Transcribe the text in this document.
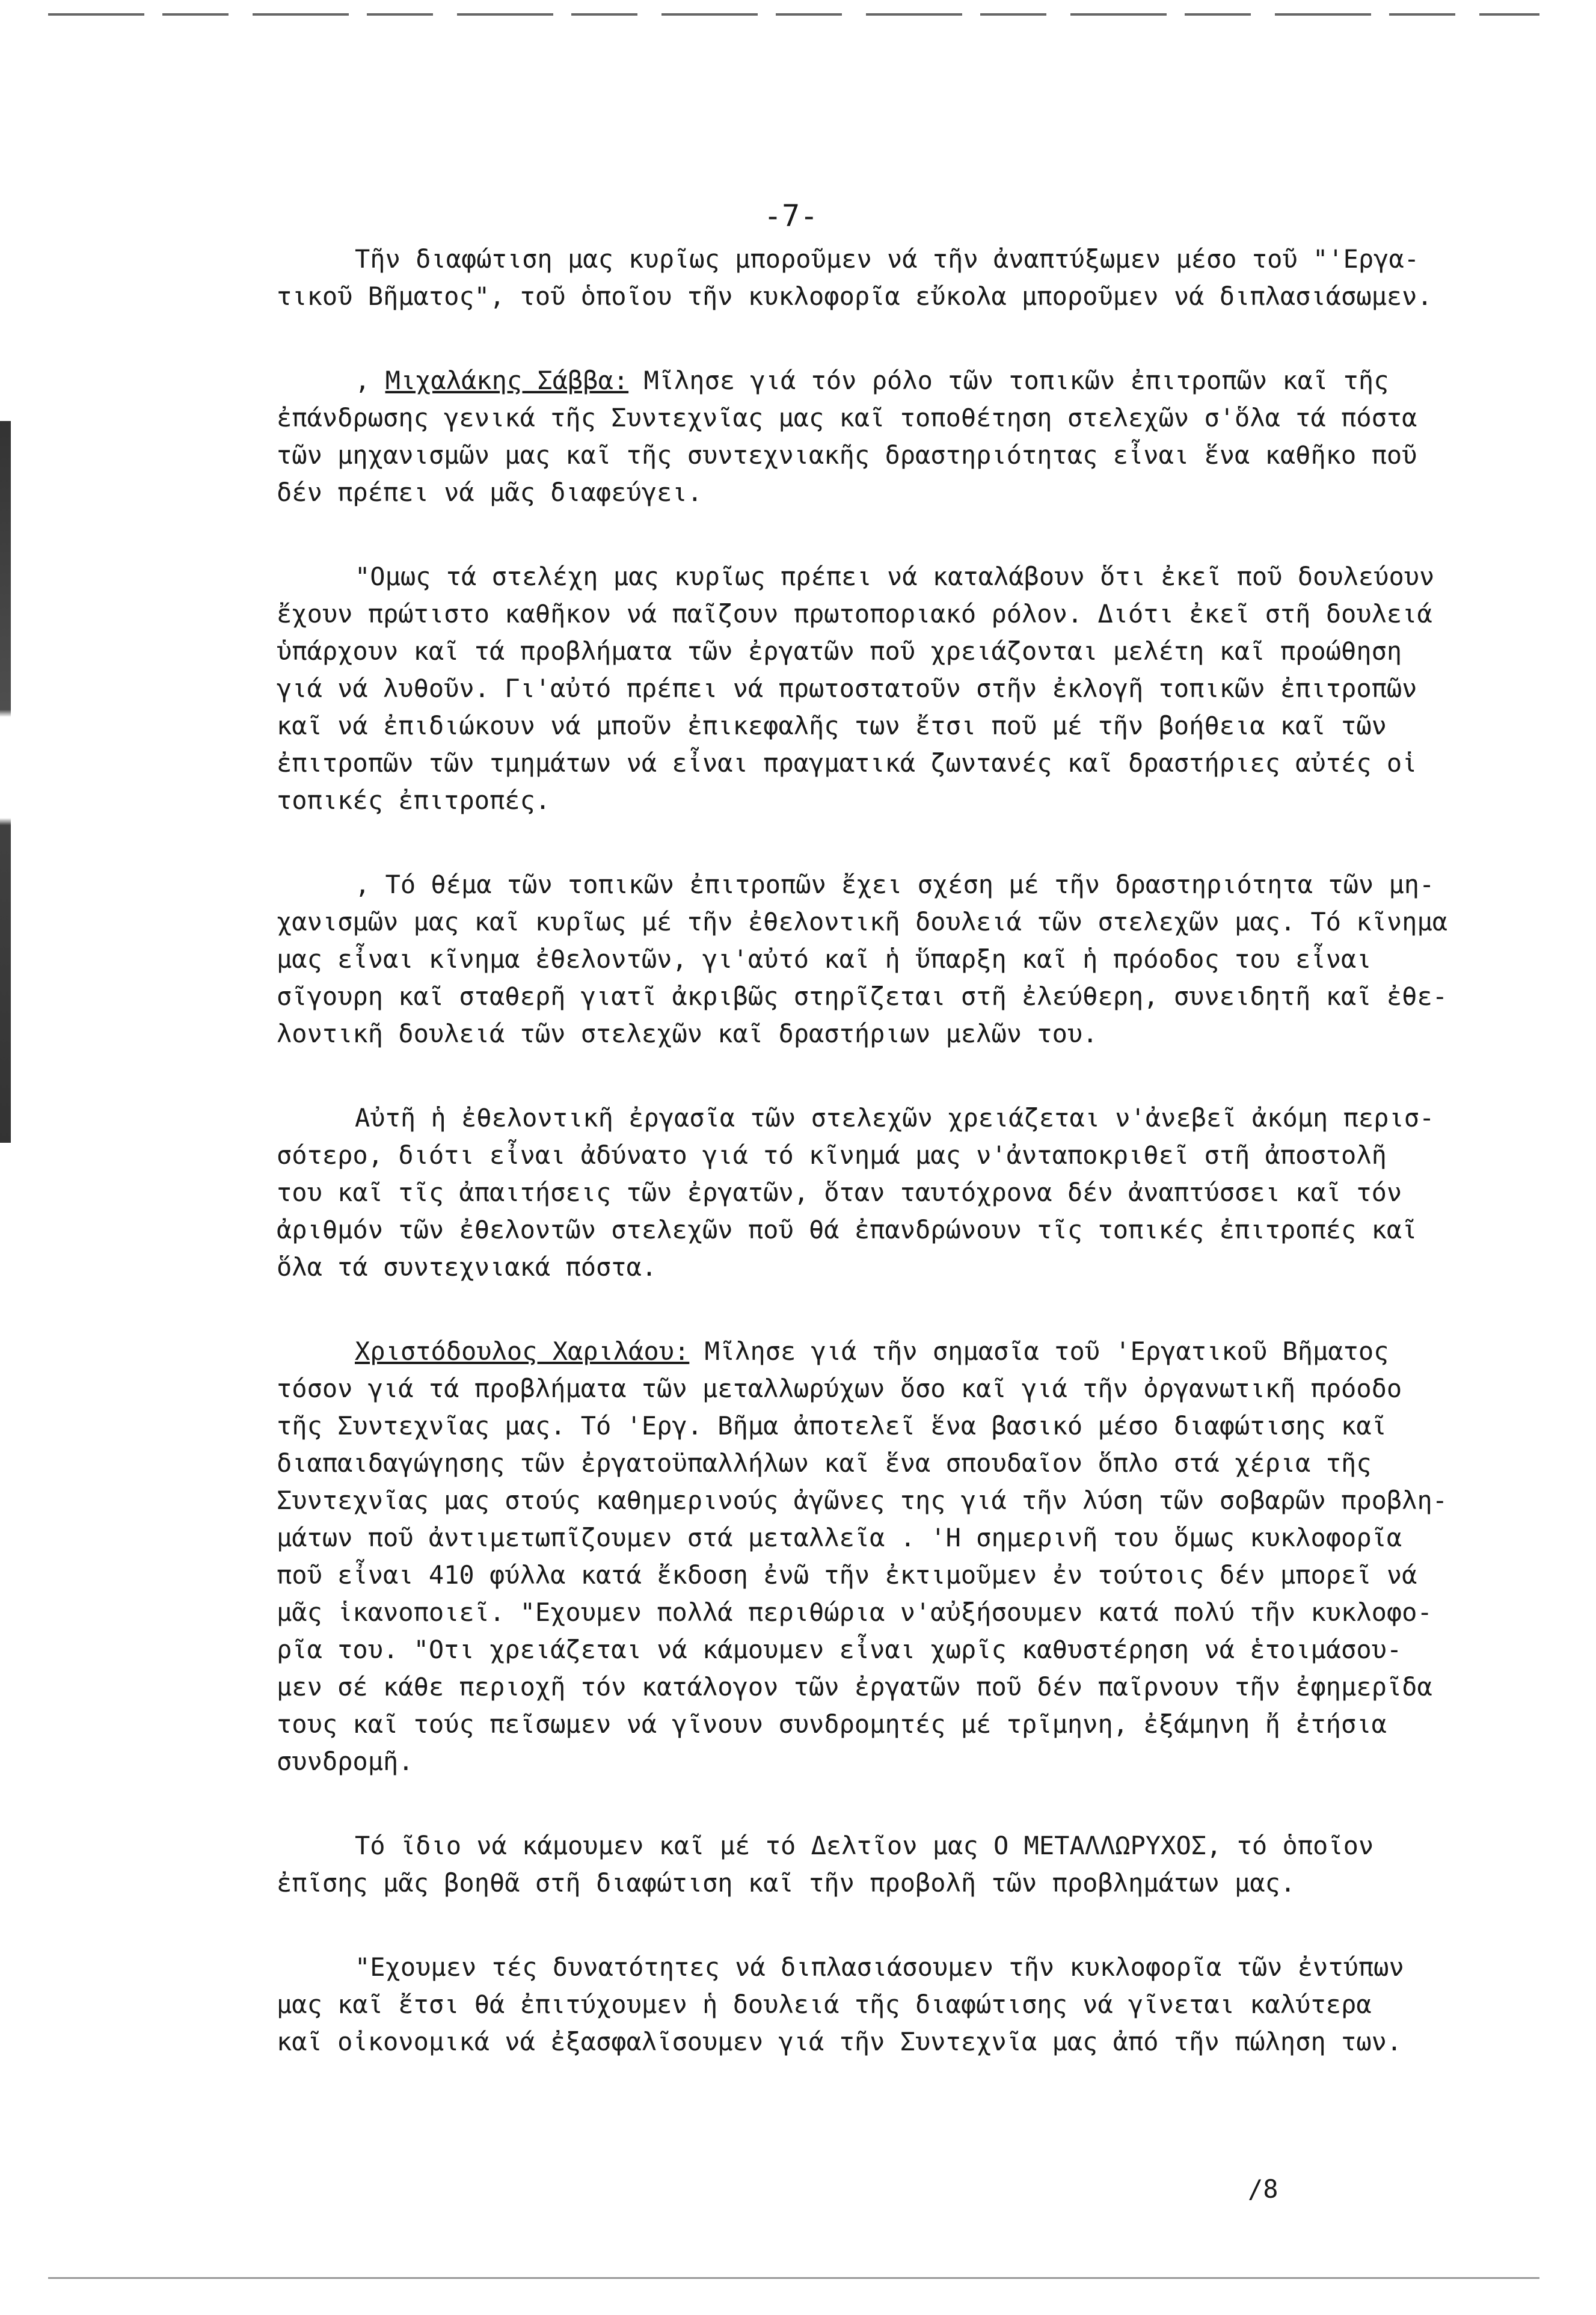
-7-

Τῆν διαφώτιση μας κυρῖως μποροῦμεν νά τῆν ἀναπτύξωμεν μέσο τοῦ "'Εργα-
τικοῦ Βῆματος", τοῦ ὁποῖου τῆν κυκλοφορῖα εὔκολα μποροῦμεν νά διπλασιάσωμεν.

, Μιχαλάκης Σάββα: Μῖλησε γιά τόν ρόλο τῶν τοπικῶν ἐπιτροπῶν καῖ τῆς
ἐπάνδρωσης γενικά τῆς Συντεχνῖας μας καῖ τοποθέτηση στελεχῶν σ'ὅλα τά πόστα
τῶν μηχανισμῶν μας καῖ τῆς συντεχνιακῆς δραστηριότητας εἶναι ἕνα καθῆκο ποῦ
δέν πρέπει νά μᾶς διαφεύγει.

"Ομως τά στελέχη μας κυρῖως πρέπει νά καταλάβουν ὅτι ἐκεῖ ποῦ δουλεύουν
ἔχουν πρώτιστο καθῆκον νά παῖζουν πρωτοποριακό ρόλον. Διότι ἐκεῖ στῆ δουλειά
ὑπάρχουν καῖ τά προβλήματα τῶν ἐργατῶν ποῦ χρειάζονται μελέτη καῖ προώθηση
γιά νά λυθοῦν. Γι'αὐτό πρέπει νά πρωτοστατοῦν στῆν ἐκλογῆ τοπικῶν ἐπιτροπῶν
καῖ νά ἐπιδιώκουν νά μποῦν ἐπικεφαλῆς των ἔτσι ποῦ μέ τῆν βοήθεια καῖ τῶν
ἐπιτροπῶν τῶν τμημάτων νά εἶναι πραγματικά ζωντανές καῖ δραστήριες αὐτές οἱ
τοπικές ἐπιτροπές.

, Τό θέμα τῶν τοπικῶν ἐπιτροπῶν ἔχει σχέση μέ τῆν δραστηριότητα τῶν μη-
χανισμῶν μας καῖ κυρῖως μέ τῆν ἐθελοντικῆ δουλειά τῶν στελεχῶν μας. Τό κῖνημα
μας εἶναι κῖνημα ἐθελοντῶν, γι'αὐτό καῖ ἡ ὕπαρξη καῖ ἡ πρόοδος του εἶναι
σῖγουρη καῖ σταθερῆ γιατῖ ἀκριβῶς στηρῖζεται στῆ ἐλεύθερη, συνειδητῆ καῖ ἐθε-
λοντικῆ δουλειά τῶν στελεχῶν καῖ δραστήριων μελῶν του.

Αὐτῆ ἡ ἐθελοντικῆ ἐργασῖα τῶν στελεχῶν χρειάζεται ν'ἀνεβεῖ ἀκόμη περισ-
σότερο, διότι εἶναι ἀδύνατο γιά τό κῖνημά μας ν'ἀνταποκριθεῖ στῆ ἀποστολῆ
του καῖ τῖς ἀπαιτήσεις τῶν ἐργατῶν, ὅταν ταυτόχρονα δέν ἀναπτύσσει καῖ τόν
ἀριθμόν τῶν ἐθελοντῶν στελεχῶν ποῦ θά ἐπανδρώνουν τῖς τοπικές ἐπιτροπές καῖ
ὅλα τά συντεχνιακά πόστα.

Χριστόδουλος Χαριλάου: Μῖλησε γιά τῆν σημασῖα τοῦ 'Εργατικοῦ Βῆματος
τόσον γιά τά προβλήματα τῶν μεταλλωρύχων ὅσο καῖ γιά τῆν ὀργανωτικῆ πρόοδο
τῆς Συντεχνῖας μας. Τό 'Εργ. Βῆμα ἀποτελεῖ ἕνα βασικό μέσο διαφώτισης καῖ
διαπαιδαγώγησης τῶν ἐργατοϋπαλλήλων καῖ ἕνα σπουδαῖον ὅπλο στά χέρια τῆς
Συντεχνῖας μας στούς καθημερινούς ἀγῶνες της γιά τῆν λύση τῶν σοβαρῶν προβλη-
μάτων ποῦ ἀντιμετωπῖζουμεν στά μεταλλεῖα . 'Η σημερινῆ του ὅμως κυκλοφορῖα
ποῦ εἶναι 410 φύλλα κατά ἔκδοση ἐνῶ τῆν ἐκτιμοῦμεν ἐν τούτοις δέν μπορεῖ νά
μᾶς ἱκανοποιεῖ. "Εχουμεν πολλά περιθώρια ν'αὐξήσουμεν κατά πολύ τῆν κυκλοφο-
ρῖα του. "Οτι χρειάζεται νά κάμουμεν εἶναι χωρῖς καθυστέρηση νά ἑτοιμάσου-
μεν σέ κάθε περιοχῆ τόν κατάλογον τῶν ἐργατῶν ποῦ δέν παῖρνουν τῆν ἐφημερῖδα
τους καῖ τούς πεῖσωμεν νά γῖνουν συνδρομητές μέ τρῖμηνη, ἐξάμηνη ἤ ἐτήσια
συνδρομῆ.

Τό ῖδιο νά κάμουμεν καῖ μέ τό Δελτῖον μας Ο ΜΕΤΑΛΛΩΡΥΧΟΣ, τό ὁποῖον
ἐπῖσης μᾶς βοηθᾶ στῆ διαφώτιση καῖ τῆν προβολῆ τῶν προβλημάτων μας.

"Εχουμεν τές δυνατότητες νά διπλασιάσουμεν τῆν κυκλοφορῖα τῶν ἐντύπων
μας καῖ ἔτσι θά ἐπιτύχουμεν ἡ δουλειά τῆς διαφώτισης νά γῖνεται καλύτερα
καῖ οἰκονομικά νά ἐξασφαλῖσουμεν γιά τῆν Συντεχνῖα μας ἀπό τῆν πώληση των.

/8
